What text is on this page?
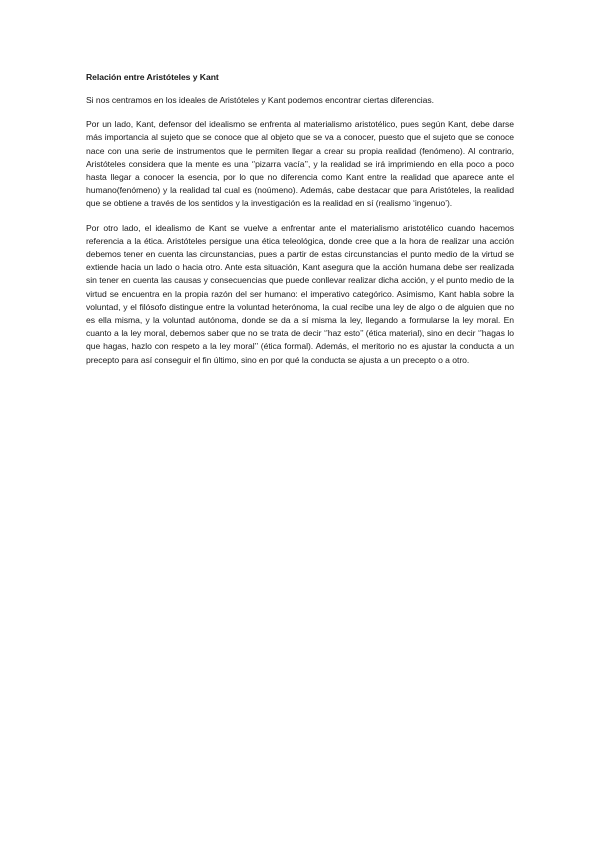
Relación entre Aristóteles y Kant

Si nos centramos en los ideales de Aristóteles y Kant podemos encontrar ciertas diferencias.

Por un lado, Kant, defensor del idealismo se enfrenta al materialismo aristotélico, pues según Kant, debe darse más importancia al sujeto que se conoce que al objeto que se va a conocer, puesto que el sujeto que se conoce nace con una serie de instrumentos que le permiten llegar a crear su propia realidad (fenómeno). Al contrario, Aristóteles considera que la mente es una ‘’pizarra vacía’’, y la realidad se irá imprimiendo en ella poco a poco hasta llegar a conocer la esencia, por lo que no diferencia como Kant entre la realidad que aparece ante el humano(fenómeno) y la realidad tal cual es (noúmeno). Además, cabe destacar que para Aristóteles, la realidad que se obtiene a través de los sentidos y la investigación es la realidad en sí (realismo ‘ingenuo’).

Por otro lado, el idealismo de Kant se vuelve a enfrentar ante el materialismo aristotélico cuando hacemos referencia a la ética. Aristóteles persigue una ética teleológica, donde cree que a la hora de realizar una acción debemos tener en cuenta las circunstancias, pues a partir de estas circunstancias el punto medio de la virtud se extiende hacia un lado o hacia otro. Ante esta situación, Kant asegura que la acción humana debe ser realizada sin tener en cuenta las causas y consecuencias que puede conllevar realizar dicha acción, y el punto medio de la virtud se encuentra en la propia razón del ser humano: el imperativo categórico. Asimismo, Kant habla sobre la voluntad, y el filósofo distingue entre la voluntad heterónoma, la cual recibe una ley de algo o de alguien que no es ella misma, y la voluntad autónoma, donde se da a sí misma la ley, llegando a formularse la ley moral. En cuanto a la ley moral, debemos saber que no se trata de decir ‘’haz esto’’ (ética material), sino en decir ‘’hagas lo que hagas, hazlo con respeto a la ley moral’’ (ética formal). Además, el meritorio no es ajustar la conducta a un precepto para así conseguir el fin último, sino en por qué la conducta se ajusta a un precepto o a otro.
